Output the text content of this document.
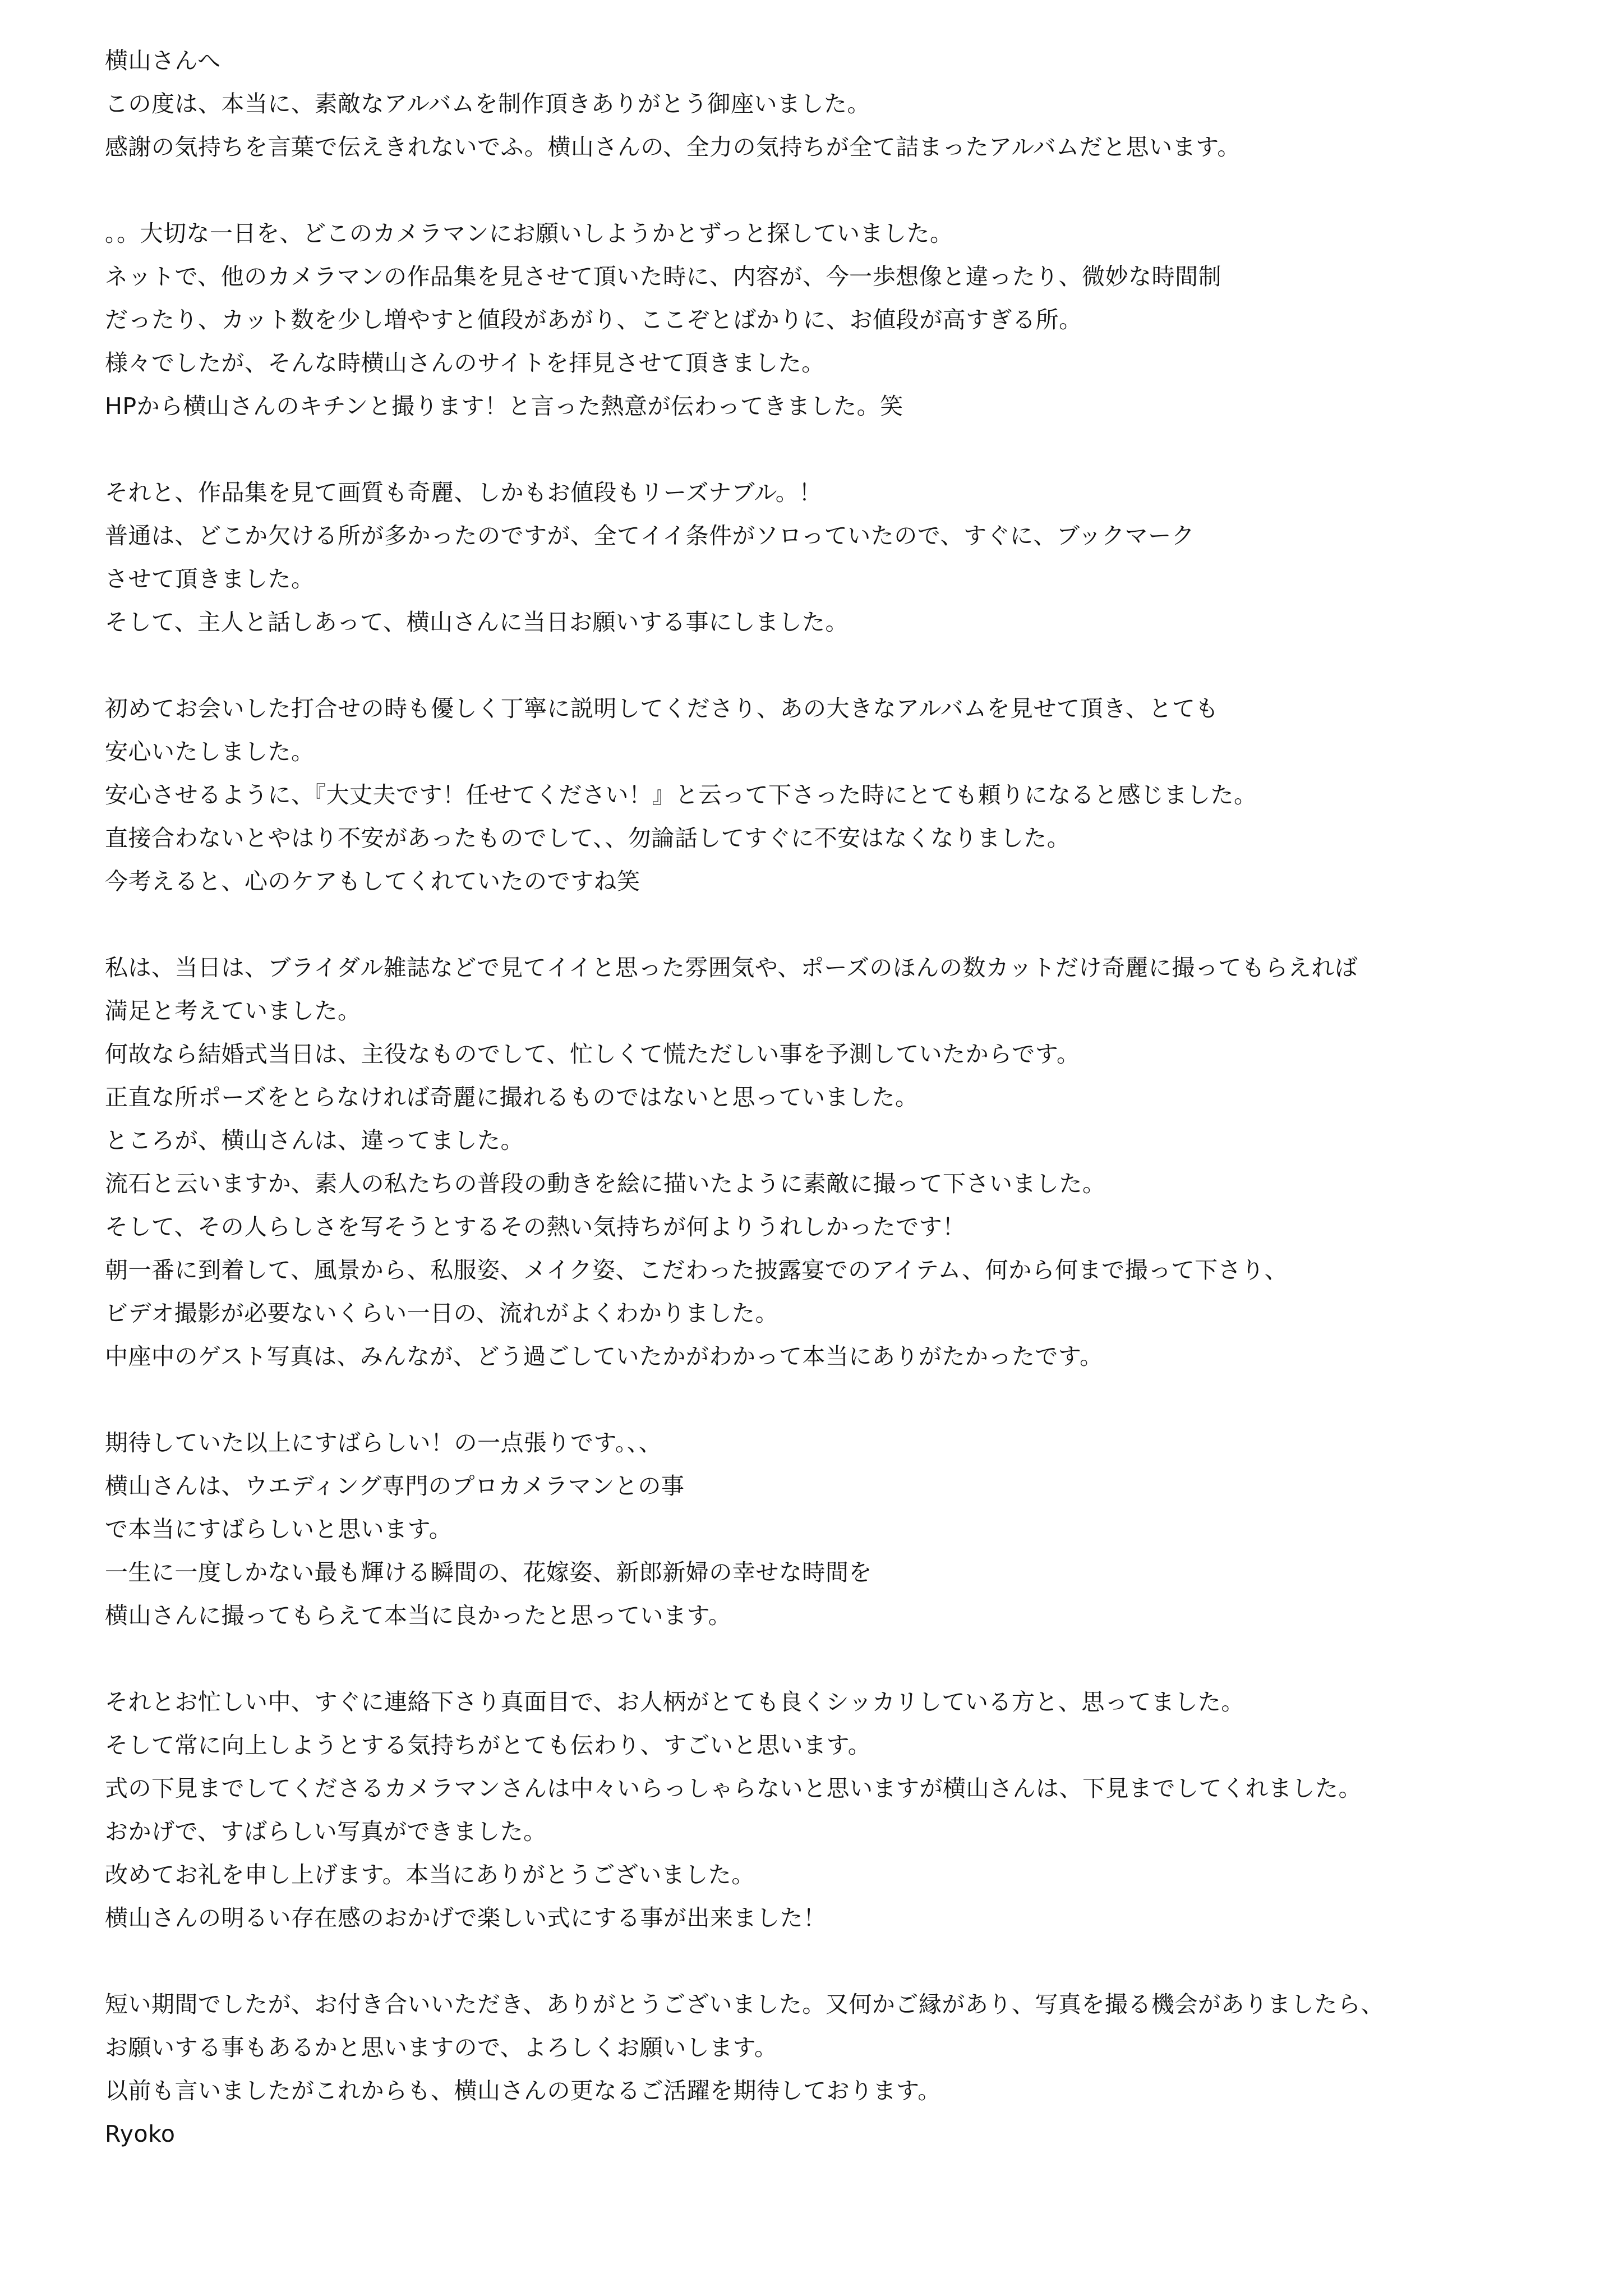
横山さんへ
この度は、本当に、素敵なアルバムを制作頂きありがとう御座いました。
感謝の気持ちを言葉で伝えきれないでふ。横山さんの、全力の気持ちが全て詰まったアルバムだと思います。
。。大切な一日を、どこのカメラマンにお願いしようかとずっと探していました。
ネットで、他のカメラマンの作品集を見させて頂いた時に、内容が、今一歩想像と違ったり、微妙な時間制
だったり、カット数を少し増やすと値段があがり、ここぞとばかりに、お値段が高すぎる所。
様々でしたが、そんな時横山さんのサイトを拝見させて頂きました。
HPから横山さんのキチンと撮ります！と言った熱意が伝わってきました。笑
それと、作品集を見て画質も奇麗、しかもお値段もリーズナブル。！
普通は、どこか欠ける所が多かったのですが、全てイイ条件がソロっていたので、すぐに、ブックマーク
させて頂きました。
そして、主人と話しあって、横山さんに当日お願いする事にしました。
初めてお会いした打合せの時も優しく丁寧に説明してくださり、あの大きなアルバムを見せて頂き、とても
安心いたしました。
安心させるように、『大丈夫です！任せてください！』と云って下さった時にとても頼りになると感じました。
直接合わないとやはり不安があったものでして、、勿論話してすぐに不安はなくなりました。
今考えると、心のケアもしてくれていたのですね笑
私は、当日は、ブライダル雑誌などで見てイイと思った雰囲気や、ポーズのほんの数カットだけ奇麗に撮ってもらえれば
満足と考えていました。
何故なら結婚式当日は、主役なものでして、忙しくて慌ただしい事を予測していたからです。
正直な所ポーズをとらなければ奇麗に撮れるものではないと思っていました。
ところが、横山さんは、違ってました。
流石と云いますか、素人の私たちの普段の動きを絵に描いたように素敵に撮って下さいました。
そして、その人らしさを写そうとするその熱い気持ちが何よりうれしかったです！
朝一番に到着して、風景から、私服姿、メイク姿、こだわった披露宴でのアイテム、何から何まで撮って下さり、
ビデオ撮影が必要ないくらい一日の、流れがよくわかりました。
中座中のゲスト写真は、みんなが、どう過ごしていたかがわかって本当にありがたかったです。
期待していた以上にすばらしい！の一点張りです。、、
横山さんは、ウエディング専門のプロカメラマンとの事
で本当にすばらしいと思います。
一生に一度しかない最も輝ける瞬間の、花嫁姿、新郎新婦の幸せな時間を
横山さんに撮ってもらえて本当に良かったと思っています。
それとお忙しい中、すぐに連絡下さり真面目で、お人柄がとても良くシッカリしている方と、思ってました。
そして常に向上しようとする気持ちがとても伝わり、すごいと思います。
式の下見までしてくださるカメラマンさんは中々いらっしゃらないと思いますが横山さんは、下見までしてくれました。
おかげで、すばらしい写真ができました。
改めてお礼を申し上げます。本当にありがとうございました。
横山さんの明るい存在感のおかげで楽しい式にする事が出来ました！
短い期間でしたが、お付き合いいただき、ありがとうございました。又何かご縁があり、写真を撮る機会がありましたら、
お願いする事もあるかと思いますので、よろしくお願いします。
以前も言いましたがこれからも、横山さんの更なるご活躍を期待しております。
Ryoko
